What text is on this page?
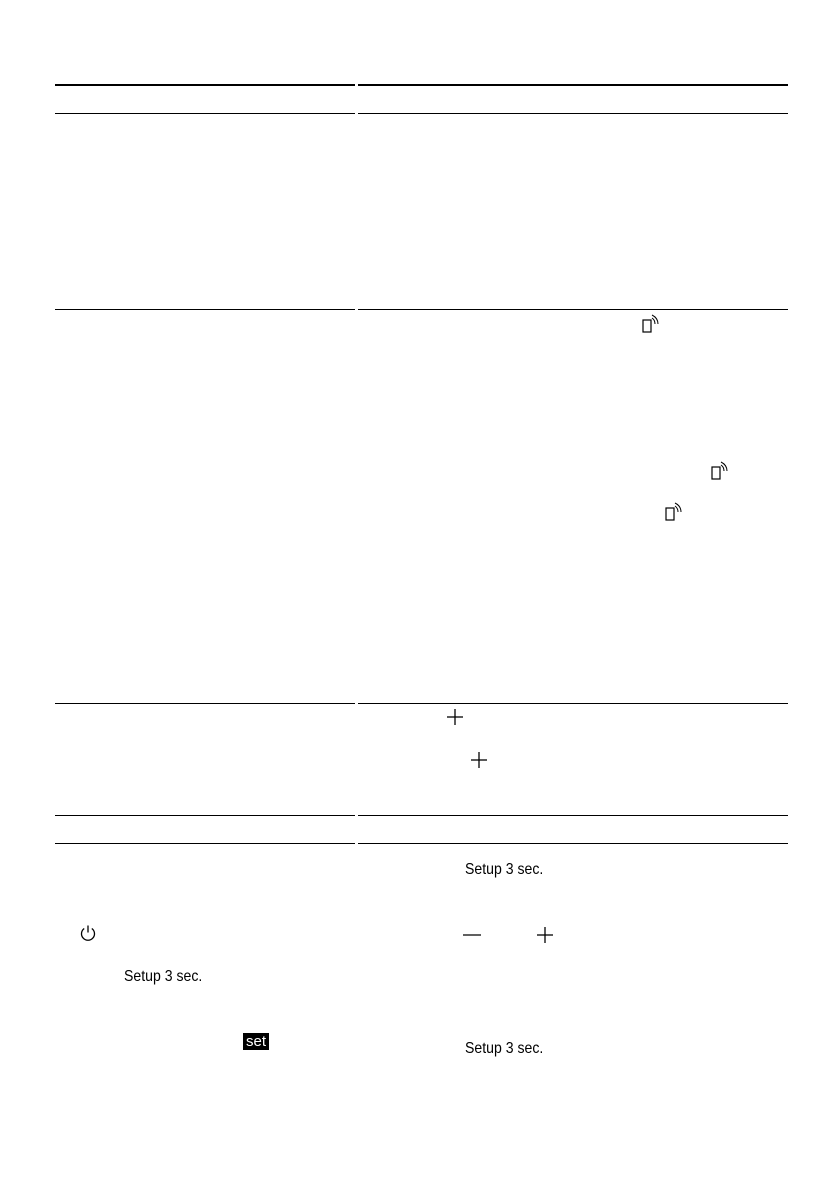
Setup 3 sec.
Setup 3 sec.
set	Setup 3 sec.
